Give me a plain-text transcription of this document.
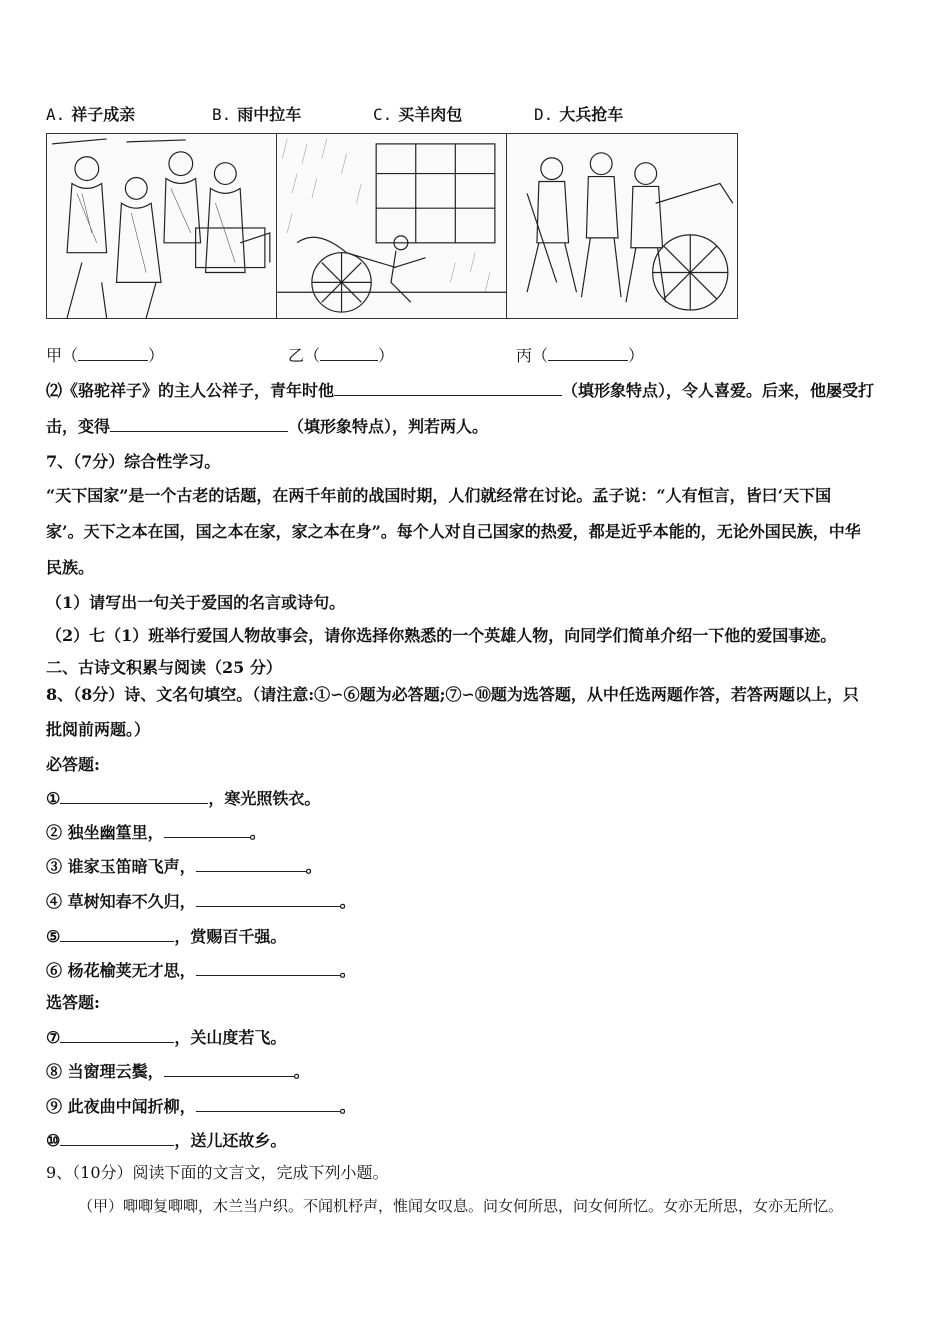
A. 祥子成亲	B. 雨中拉车	C. 买羊肉包	D. 大兵抢车
甲（	）	乙（	）	丙（	）
⑵《骆驼祥子》的主人公祥子，青年时他	（填形象特点），令人喜爱。后来，他屡受打
击，变得	（填形象特点），判若两人。
7、（7分）综合性学习。
“天下国家”是一个古老的话题，在两千年前的战国时期，人们就经常在讨论。孟子说：“人有恒言，皆曰‘天下国
家’。天下之本在国，国之本在家，家之本在身”。每个人对自己国家的热爱，都是近乎本能的，无论外国民族，中华
民族。
（1）请写出一句关于爱国的名言或诗句。
（2）七（1）班举行爱国人物故事会，请你选择你熟悉的一个英雄人物，向同学们简单介绍一下他的爱国事迹。
二、古诗文积累与阅读（25 分）
8、（8分）诗、文名句填空。（请注意:①∽⑥题为必答题;⑦∽⑩题为选答题，从中任选两题作答，若答两题以上，只
批阅前两题。）
必答题:
①	，寒光照铁衣。
② 独坐幽篁里，	。
③ 谁家玉笛暗飞声，	。
④ 草树知春不久归，	。
⑤	，赏赐百千强。
⑥ 杨花榆荚无才思，	。
选答题:
⑦	，关山度若飞。
⑧ 当窗理云鬓，	。
⑨ 此夜曲中闻折柳，	。
⑩	，送儿还故乡。
9、（10分）阅读下面的文言文，完成下列小题。
（甲）唧唧复唧唧，木兰当户织。不闻机杼声，惟闻女叹息。问女何所思，问女何所忆。女亦无所思，女亦无所忆。
